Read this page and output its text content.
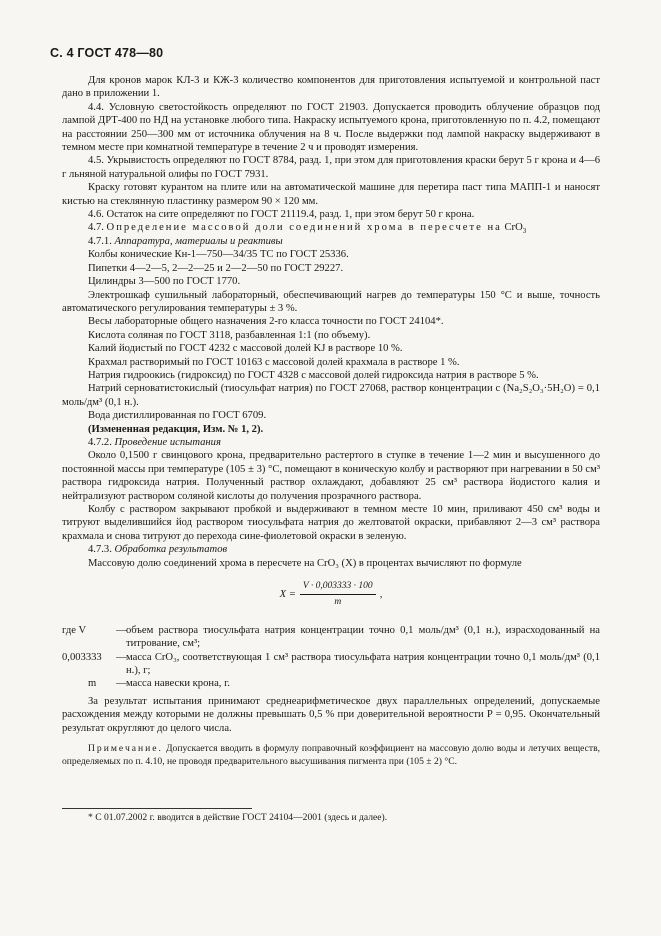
С. 4 ГОСТ 478—80

Для кронов марок КЛ-3 и КЖ-3 количество компонентов для приготовления испытуемой и контрольной паст дано в приложении 1.

4.4. Условную светостойкость определяют по ГОСТ 21903. Допускается проводить облучение образцов под лампой ДРТ-400 по НД на установке любого типа. Накраску испытуемого крона, приготовленную по п. 4.2, помещают на расстоянии 250—300 мм от источника облучения на 8 ч. После выдержки под лампой накраску выдерживают в темном месте при комнатной температуре в течение 2 ч и проводят измерения.

4.5. Укрывистость определяют по ГОСТ 8784, разд. 1, при этом для приготовления краски берут 5 г крона и 4—6 г льняной натуральной олифы по ГОСТ 7931.

Краску готовят курантом на плите или на автоматической машине для перетира паст типа МАПП-1 и наносят кистью на стеклянную пластинку размером 90 × 120 мм.

4.6. Остаток на сите определяют по ГОСТ 21119.4, разд. 1, при этом берут 50 г крона.

4.7. Определение массовой доли соединений хрома в пересчете на CrO$_3$

4.7.1. Аппаратура, материалы и реактивы

Колбы конические Кн-1—750—34/35 ТС по ГОСТ 25336.

Пипетки 4—2—5, 2—2—25 и 2—2—50 по ГОСТ 29227.

Цилиндры 3—500 по ГОСТ 1770.

Электрошкаф сушильный лабораторный, обеспечивающий нагрев до температуры 150 °С и выше, точность автоматического регулирования температуры ± 3 %.

Весы лабораторные общего назначения 2-го класса точности по ГОСТ 24104*.

Кислота соляная по ГОСТ 3118, разбавленная 1:1 (по объему).

Калий йодистый по ГОСТ 4232 с массовой долей KJ в растворе 10 %.

Крахмал растворимый по ГОСТ 10163 с массовой долей крахмала в растворе 1 %.

Натрия гидроокись (гидроксид) по ГОСТ 4328 с массовой долей гидроксида натрия в растворе 5 %.

Натрий серноватистокислый (тиосульфат натрия) по ГОСТ 27068, раствор концентрации c (Na₂S₂O₃·5H₂O) = 0,1 моль/дм³ (0,1 н.).

Вода дистиллированная по ГОСТ 6709.

(Измененная редакция, Изм. № 1, 2).

4.7.2. Проведение испытания

Около 0,1500 г свинцового крона, предварительно растертого в ступке в течение 1—2 мин и высушенного до постоянной массы при температуре (105 ± 3) °С, помещают в коническую колбу и растворяют при нагревании в 50 см³ раствора гидроксида натрия. Полученный раствор охлаждают, добавляют 25 см³ раствора йодистого калия и нейтрализуют раствором соляной кислоты до получения прозрачного раствора.

Колбу с раствором закрывают пробкой и выдерживают в темном месте 10 мин, приливают 450 см³ воды и титруют выделившийся йод раствором тиосульфата натрия до желтоватой окраски, прибавляют 2—3 см³ раствора крахмала и снова титруют до перехода сине-фиолетовой окраски в зеленую.

4.7.3. Обработка результатов

Массовую долю соединений хрома в пересчете на CrO₃ (X) в процентах вычисляют по формуле

$X = \frac{V \cdot 0,003333 \cdot 100}{m}$ ,
где V	— объем раствора тиосульфата натрия концентрации точно 0,1 моль/дм³ (0,1 н.), израсходованный на титрование, см³;
0,003333	— масса CrO₃, соответствующая 1 см³ раствора тиосульфата натрия концентрации точно 0,1 моль/дм³ (0,1 н.), г;
m	— масса навески крона, г.

За результат испытания принимают среднеарифметическое двух параллельных определений, допускаемые расхождения между которыми не должны превышать 0,5 % при доверительной вероятности P = 0,95. Окончательный результат округляют до целого числа.

Примечание. Допускается вводить в формулу поправочный коэффициент на массовую долю воды и летучих веществ, определяемых по п. 4.10, не проводя предварительного высушивания пигмента при (105 ± 2) °С.

* С 01.07.2002 г. вводится в действие ГОСТ 24104—2001 (здесь и далее).
